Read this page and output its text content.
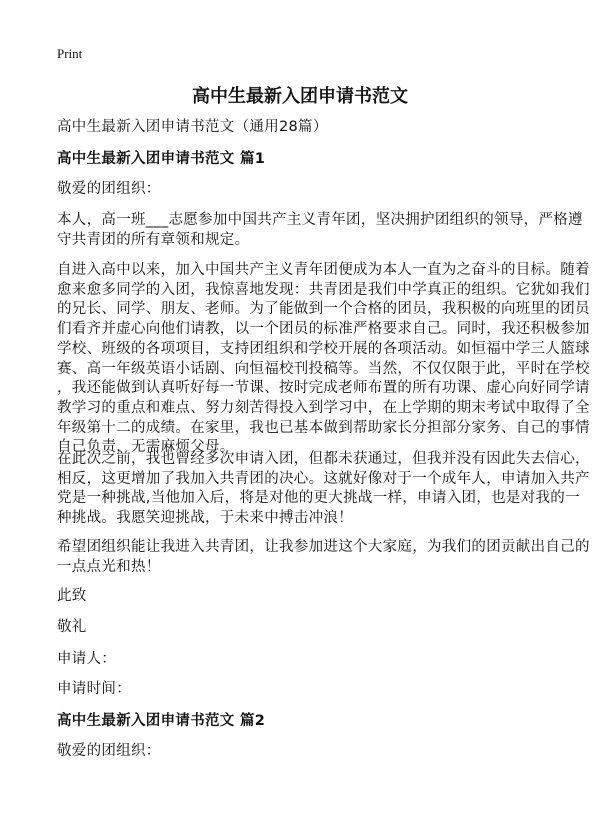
Print
高中生最新入团申请书范文
高中生最新入团申请书范文（通用28篇）
高中生最新入团申请书范文 篇1
敬爱的团组织：
本人，高一班___志愿参加中国共产主义青年团，坚决拥护团组织的领导，严格遵
守共青团的所有章领和规定。
自进入高中以来，加入中国共产主义青年团便成为本人一直为之奋斗的目标。随着
愈来愈多同学的入团，我惊喜地发现：共青团是我们中学真正的组织。它犹如我们
的兄长、同学、朋友、老师。为了能做到一个合格的团员，我积极的向班里的团员
们看齐并虚心向他们请教，以一个团员的标准严格要求自己。同时，我还积极参加
学校、班级的各项项目，支持团组织和学校开展的各项活动。如恒福中学三人篮球
赛、高一年级英语小话剧、向恒福校刊投稿等。当然，不仅仅限于此，平时在学校
，我还能做到认真听好每一节课、按时完成老师布置的所有功课、虚心向好同学请
教学习的重点和难点、努力刻苦得投入到学习中，在上学期的期末考试中取得了全
年级第十二的成绩。在家里，我也已基本做到帮助家长分担部分家务、自己的事情
自己负责，无需麻烦父母。
在此次之前，我也曾经多次申请入团，但都未获通过，但我并没有因此失去信心，
相反，这更增加了我加入共青团的决心。这就好像对于一个成年人，申请加入共产
党是一种挑战,当他加入后，将是对他的更大挑战一样，申请入团，也是对我的一
种挑战。我愿笑迎挑战，于未来中搏击冲浪！
希望团组织能让我进入共青团，让我参加进这个大家庭，为我们的团贡献出自己的
一点点光和热！
此致
敬礼
申请人：
申请时间：
高中生最新入团申请书范文 篇2
敬爱的团组织：
